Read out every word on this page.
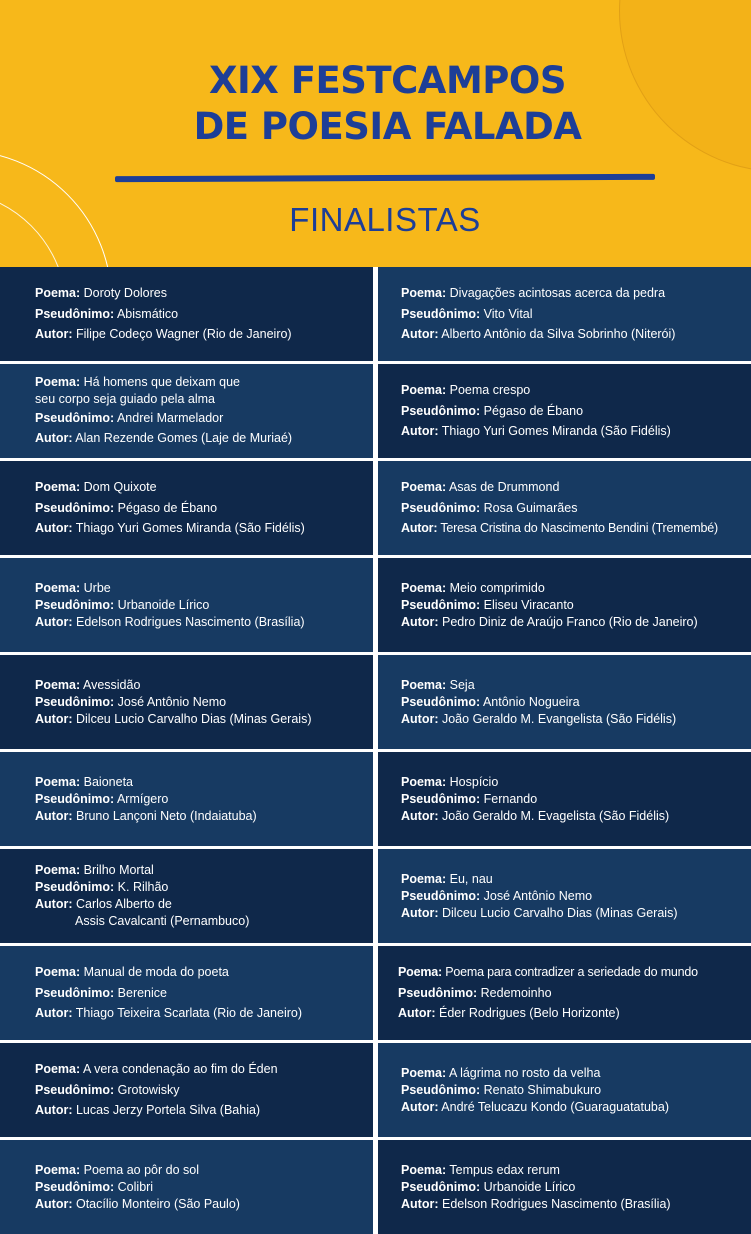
XIX FESTCAMPOS
DE POESIA FALADA
FINALISTAS
Poema: Doroty Dolores
Pseudônimo: Abismático
Autor: Filipe Codeço Wagner (Rio de Janeiro)
Poema: Divagações acintosas acerca da pedra
Pseudônimo: Vito Vital
Autor: Alberto Antônio da Silva Sobrinho (Niterói)
Poema: Há homens que deixam que
seu corpo seja guiado pela alma
Pseudônimo: Andrei Marmelador
Autor: Alan Rezende Gomes (Laje de Muriaé)
Poema: Poema crespo
Pseudônimo: Pégaso de Ébano
Autor: Thiago Yuri Gomes Miranda (São Fidélis)
Poema: Dom Quixote
Pseudônimo: Pégaso de Ébano
Autor: Thiago Yuri Gomes Miranda (São Fidélis)
Poema: Asas de Drummond
Pseudônimo: Rosa Guimarães
Autor: Teresa Cristina do Nascimento Bendini (Tremembé)
Poema: Urbe
Pseudônimo: Urbanoide Lírico
Autor: Edelson Rodrigues Nascimento (Brasília)
Poema: Meio comprimido
Pseudônimo: Eliseu Viracanto
Autor: Pedro Diniz de Araújo Franco (Rio de Janeiro)
Poema: Avessidão
Pseudônimo: José Antônio Nemo
Autor: Dilceu Lucio Carvalho Dias (Minas Gerais)
Poema: Seja
Pseudônimo: Antônio Nogueira
Autor: João Geraldo M. Evangelista (São Fidélis)
Poema: Baioneta
Pseudônimo: Armígero
Autor: Bruno Lançoni Neto (Indaiatuba)
Poema: Hospício
Pseudônimo: Fernando
Autor: João Geraldo M. Evagelista (São Fidélis)
Poema: Brilho Mortal
Pseudônimo: K. Rilhão
Autor: Carlos Alberto de
Assis Cavalcanti (Pernambuco)
Poema: Eu, nau
Pseudônimo: José Antônio Nemo
Autor: Dilceu Lucio Carvalho Dias (Minas Gerais)
Poema: Manual de moda do poeta
Pseudônimo: Berenice
Autor: Thiago Teixeira Scarlata (Rio de Janeiro)
Poema: Poema para contradizer a seriedade do mundo
Pseudônimo: Redemoinho
Autor: Éder Rodrigues (Belo Horizonte)
Poema: A vera condenação ao fim do Éden
Pseudônimo: Grotowisky
Autor: Lucas Jerzy Portela Silva (Bahia)
Poema: A lágrima no rosto da velha
Pseudônimo: Renato Shimabukuro
Autor: André Telucazu Kondo (Guaraguatatuba)
Poema: Poema ao pôr do sol
Pseudônimo: Colibri
Autor: Otacílio Monteiro (São Paulo)
Poema: Tempus edax rerum
Pseudônimo: Urbanoide Lírico
Autor: Edelson Rodrigues Nascimento (Brasília)
